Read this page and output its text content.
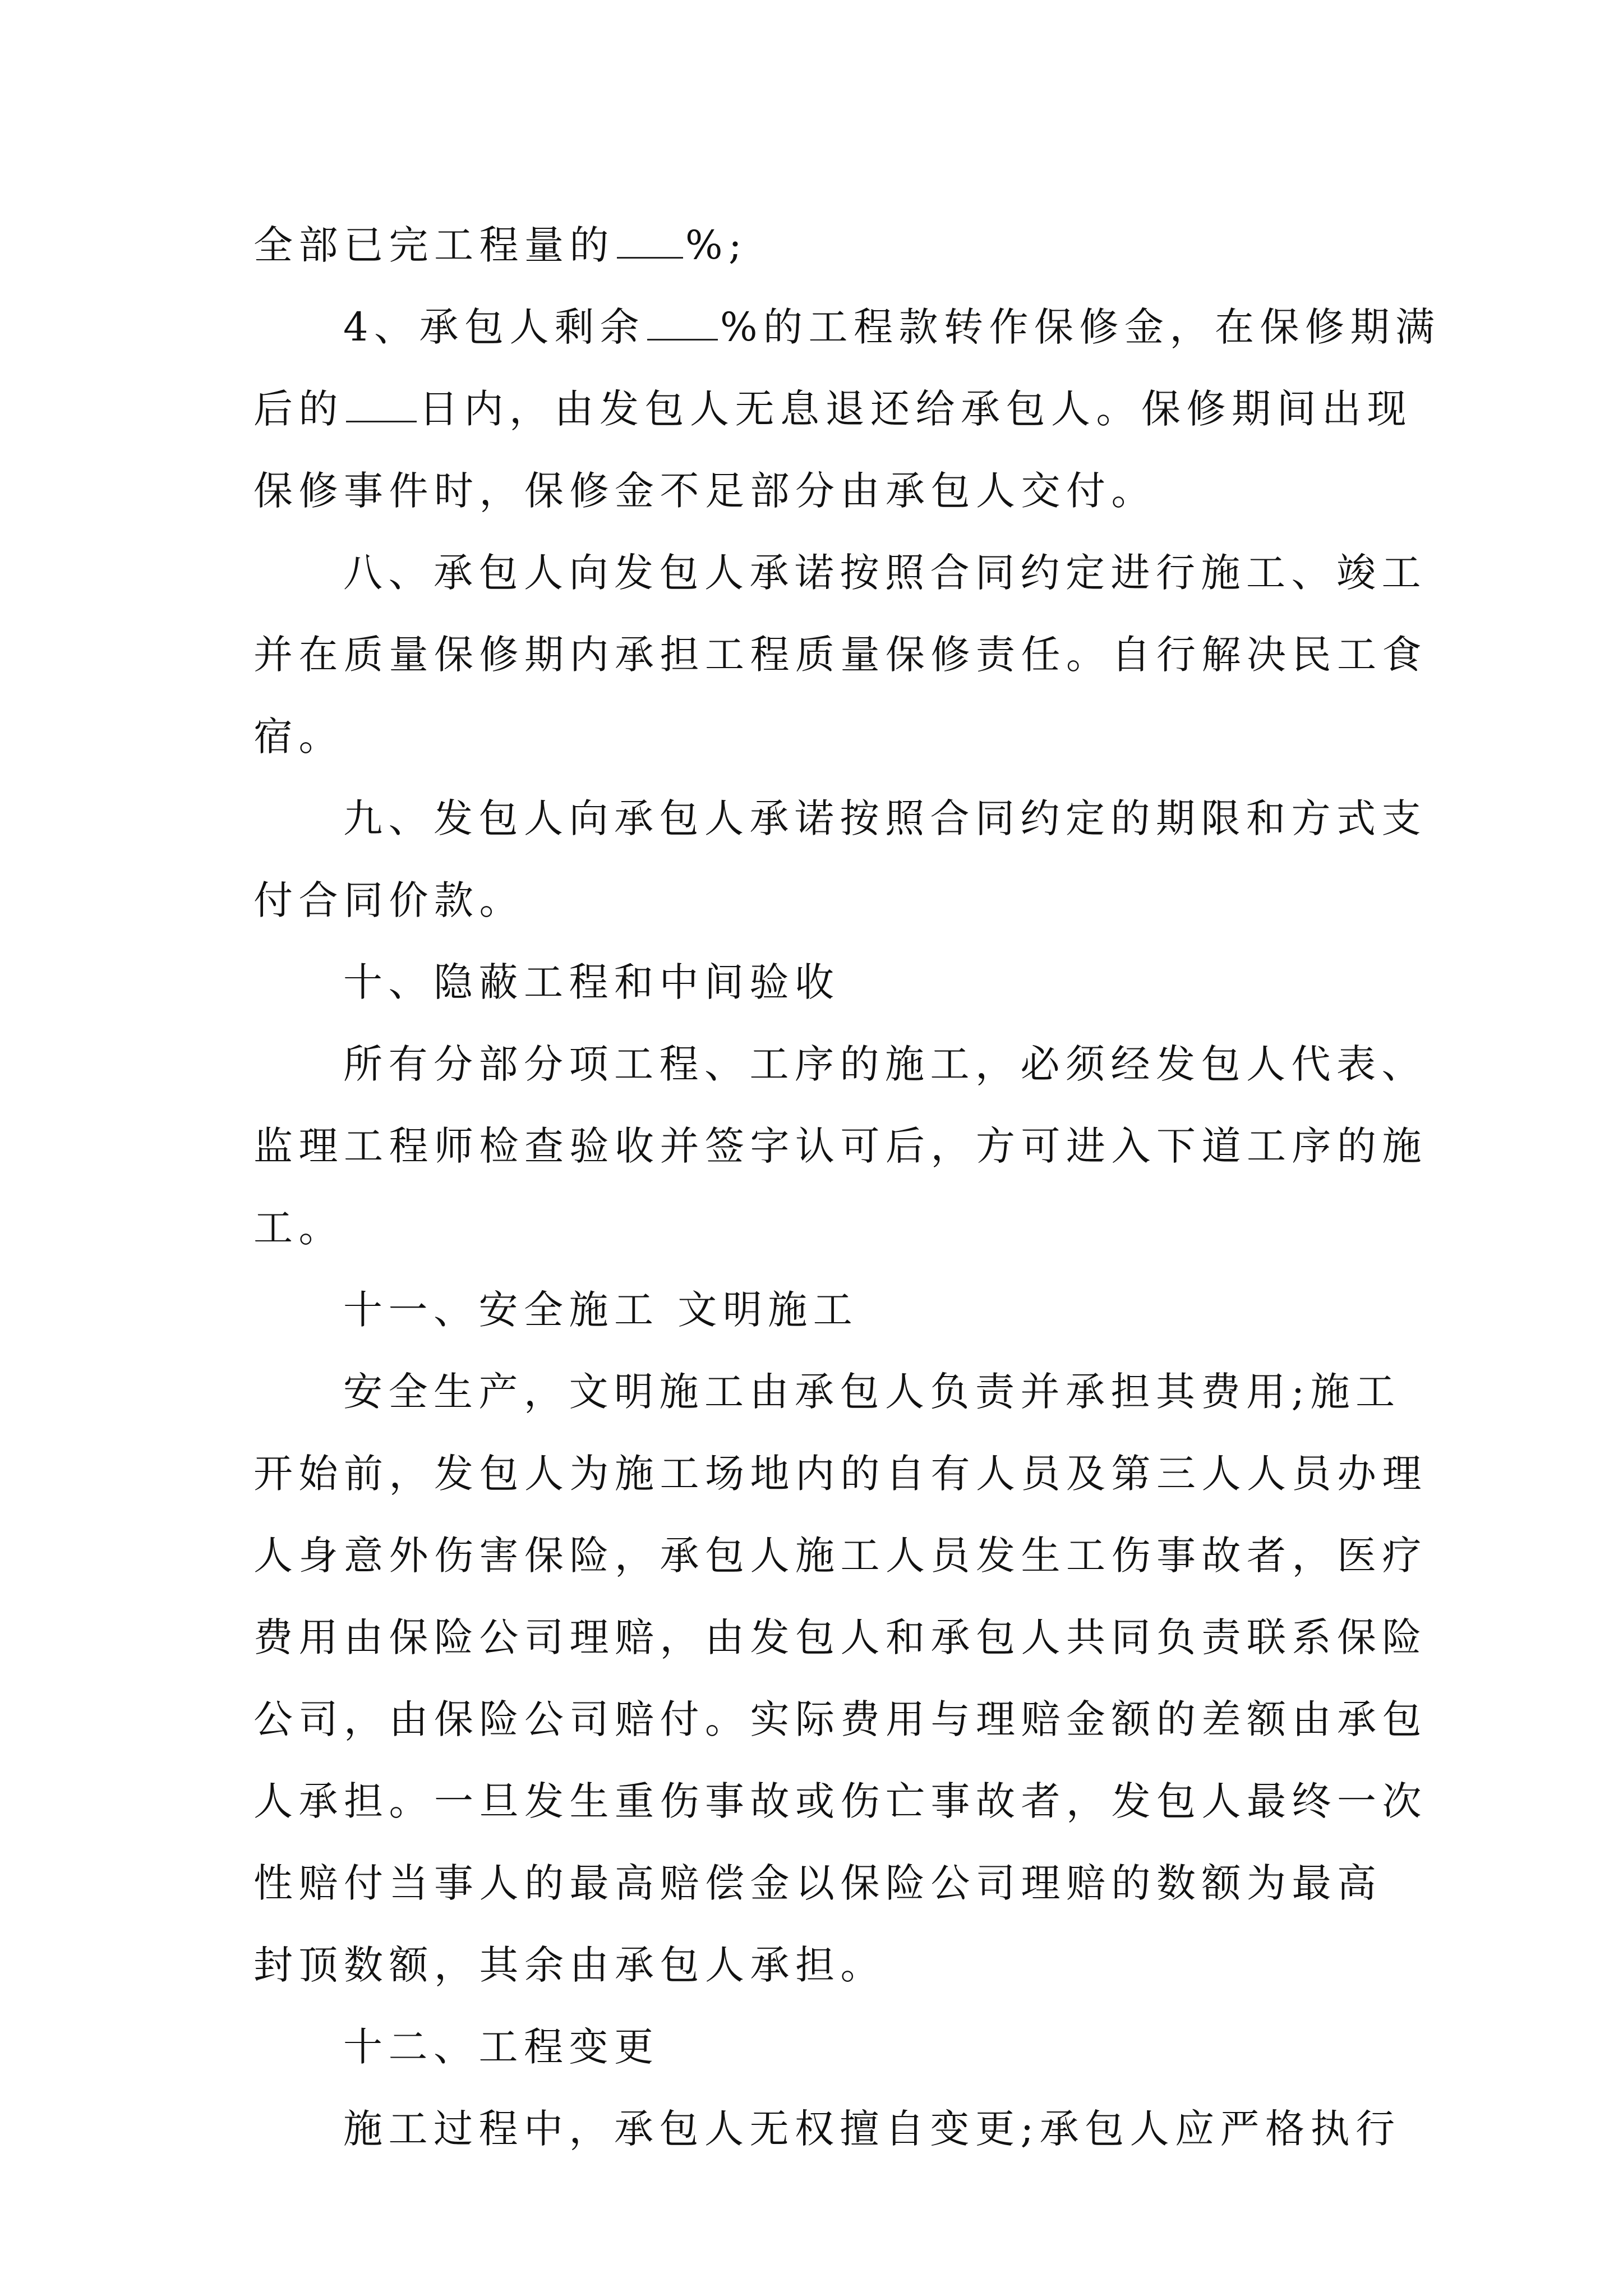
全部已完工程量的 %;
4、承包人剩余 %的工程款转作保修金，在保修期满
后的 日内，由发包人无息退还给承包人。保修期间出现
保修事件时，保修金不足部分由承包人交付。
八、承包人向发包人承诺按照合同约定进行施工、竣工
并在质量保修期内承担工程质量保修责任。自行解决民工食
宿。
九、发包人向承包人承诺按照合同约定的期限和方式支
付合同价款。
十、隐蔽工程和中间验收
所有分部分项工程、工序的施工，必须经发包人代表、
监理工程师检查验收并签字认可后，方可进入下道工序的施
工。
十一、安全施工 文明施工
安全生产，文明施工由承包人负责并承担其费用;施工
开始前，发包人为施工场地内的自有人员及第三人人员办理
人身意外伤害保险，承包人施工人员发生工伤事故者，医疗
费用由保险公司理赔，由发包人和承包人共同负责联系保险
公司，由保险公司赔付。实际费用与理赔金额的差额由承包
人承担。一旦发生重伤事故或伤亡事故者，发包人最终一次
性赔付当事人的最高赔偿金以保险公司理赔的数额为最高
封顶数额，其余由承包人承担。
十二、工程变更
施工过程中，承包人无权擅自变更;承包人应严格执行
